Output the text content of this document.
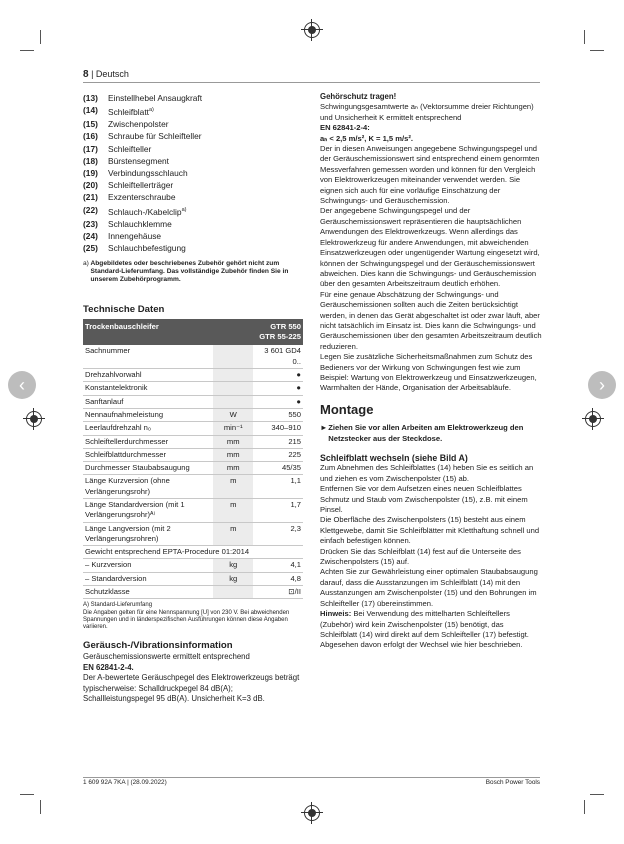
‹	›
8 | Deutsch
(13)	Einstellhebel Ansaugkraft
(14)	Schleifblatt$^{a)}$
(15)	Zwischenpolster
(16)	Schraube für Schleifteller
(17)	Schleifteller
(18)	Bürstensegment
(19)	Verbindungsschlauch
(20)	Schleiftellerträger
(21)	Exzenterschraube
(22)	Schlauch-/Kabelclip$^{a)}$
(23)	Schlauchklemme
(24)	Innengehäuse
(25)	Schlauchbefestigung
a) Abgebildetes oder beschriebenes Zubehör gehört nicht zum Standard-Lieferumfang. Das vollständige Zubehör finden Sie in unserem Zubehörprogramm.
Technische Daten
Trockenbauschleifer		GTR 550
GTR 55-225
Sachnummer		3 601 GD4 0..
Drehzahlvorwahl		●
Konstantelektronik		●
Sanftanlauf		●
Nennaufnahmeleistung	W	550
Leerlaufdrehzahl n₀	min⁻¹	340–910
Schleiftellerdurchmesser	mm	215
Schleifblattdurchmesser	mm	225
Durchmesser Staubabsaugung	mm	45/35
Länge Kurzversion (ohne Verlängerungsrohr)	m	1,1
Länge Standardversion (mit 1 Verlängerungsrohr)ᴬ⁾	m	1,7
Länge Langversion (mit 2 Verlängerungsrohren)	m	2,3
Gewicht entsprechend EPTA-Procedure 01:2014		
– Kurzversion	kg	4,1
– Standardversion	kg	4,8
Schutzklasse		⊡/II
A) Standard-Lieferumfang
Die Angaben gelten für eine Nennspannung [U] von 230 V. Bei abweichenden Spannungen und in länderspezifischen Ausführungen können diese Angaben variieren.
Geräusch-/Vibrationsinformation

Geräuschemissionswerte ermittelt entsprechend

EN 62841-2-4.

Der A-bewertete Geräuschpegel des Elektrowerkzeugs beträgt typischerweise: Schalldruckpegel 84 dB(A); Schallleistungspegel 95 dB(A). Unsicherheit K=3 dB.

Gehörschutz tragen!

Schwingungsgesamtwerte aₕ (Vektorsumme dreier Richtungen) und Unsicherheit K ermittelt entsprechend

EN 62841-2-4:

aₕ < 2,5 m/s², K = 1,5 m/s².

Der in diesen Anweisungen angegebene Schwingungspegel und der Geräuschemissionswert sind entsprechend einem genormten Messverfahren gemessen worden und können für den Vergleich von Elektrowerkzeugen miteinander verwendet werden. Sie eignen sich auch für eine vorläufige Einschätzung der Schwingungs- und Geräuschemission.

Der angegebene Schwingungspegel und der Geräuschemissionswert repräsentieren die hauptsächlichen Anwendungen des Elektrowerkzeugs. Wenn allerdings das Elektrowerkzeug für andere Anwendungen, mit abweichenden Einsatzwerkzeugen oder ungenügender Wartung eingesetzt wird, können der Schwingungspegel und der Geräuschemissionswert abweichen. Dies kann die Schwingungs- und Geräuschemission über den gesamten Arbeitszeitraum deutlich erhöhen.

Für eine genaue Abschätzung der Schwingungs- und Geräuschemissionen sollten auch die Zeiten berücksichtigt werden, in denen das Gerät abgeschaltet ist oder zwar läuft, aber nicht tatsächlich im Einsatz ist. Dies kann die Schwingungs- und Geräuschemissionen über den gesamten Arbeitszeitraum deutlich reduzieren.

Legen Sie zusätzliche Sicherheitsmaßnahmen zum Schutz des Bedieners vor der Wirkung von Schwingungen fest wie zum Beispiel: Wartung von Elektrowerkzeug und Einsatzwerkzeugen, Warmhalten der Hände, Organisation der Arbeitsabläufe.

Montage
► Ziehen Sie vor allen Arbeiten am Elektrowerkzeug den Netzstecker aus der Steckdose.
Schleifblatt wechseln (siehe Bild A)

Zum Abnehmen des Schleifblattes (14) heben Sie es seitlich an und ziehen es vom Zwischenpolster (15) ab.

Entfernen Sie vor dem Aufsetzen eines neuen Schleifblattes Schmutz und Staub vom Zwischenpolster (15), z.B. mit einem Pinsel.

Die Oberfläche des Zwischenpolsters (15) besteht aus einem Klettgewebe, damit Sie Schleifblätter mit Kletthaftung schnell und einfach befestigen können.

Drücken Sie das Schleifblatt (14) fest auf die Unterseite des Zwischenpolsters (15) auf.

Achten Sie zur Gewährleistung einer optimalen Staubabsaugung darauf, dass die Ausstanzungen im Schleifblatt (14) mit den Ausstanzungen am Zwischenpolster (15) und den Bohrungen im Schleifteller (17) übereinstimmen.

Hinweis: Bei Verwendung des mittelharten Schleiftellers (Zubehör) wird kein Zwischenpolster (15) benötigt, das Schleifblatt (14) wird direkt auf dem Schleifteller (17) befestigt. Abgesehen davon erfolgt der Wechsel wie hier beschrieben.

1 609 92A 7KA | (28.09.2022)	Bosch Power Tools
